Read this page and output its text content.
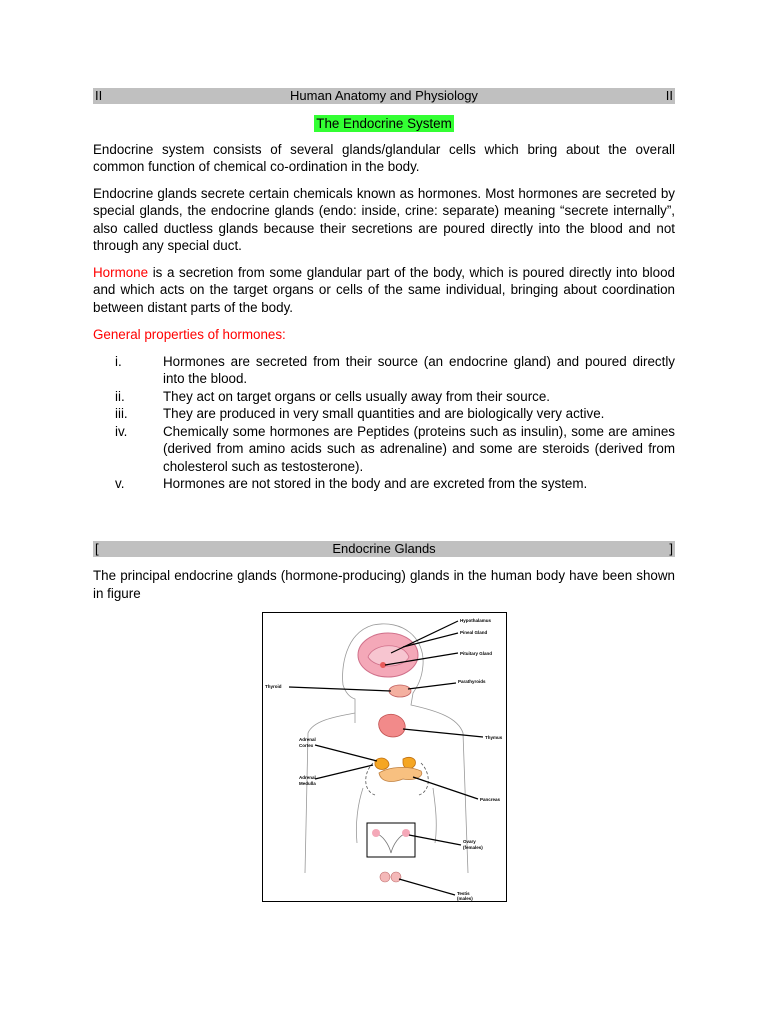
II	Human Anatomy and Physiology	II
The Endocrine System

Endocrine system consists of several glands/glandular cells which bring about the overall common function of chemical co-ordination in the body.

Endocrine glands secrete certain chemicals known as hormones. Most hormones are secreted by special glands, the endocrine glands (endo: inside, crine: separate) meaning “secrete internally”, also called ductless glands because their secretions are poured directly into the blood and not through any special duct.

Hormone is a secretion from some glandular part of the body, which is poured directly into blood and which acts on the target organs or cells of the same individual, bringing about coordination between distant parts of the body.

General properties of hormones:

i.	Hormones are secreted from their source (an endocrine gland) and poured directly into the blood.
ii.	They act on target organs or cells usually away from their source.
iii.	They are produced in very small quantities and are biologically very active.
iv.	Chemically some hormones are Peptides (proteins such as insulin), some are amines (derived from amino acids such as adrenaline) and some are steroids (derived from cholesterol such as testosterone).
v.	Hormones are not stored in the body and are excreted from the system.
[	Endocrine Glands	]

The principal endocrine glands (hormone-producing) glands in the human body have been shown in figure

Hypothalamus
Pineal Gland
Pituitary Gland
Parathyroids
Thyroid
Thymus
Adrenal
Cortex
Adrenal
Medulla
Pancreas
Ovary
(females)
Testis
(males)
